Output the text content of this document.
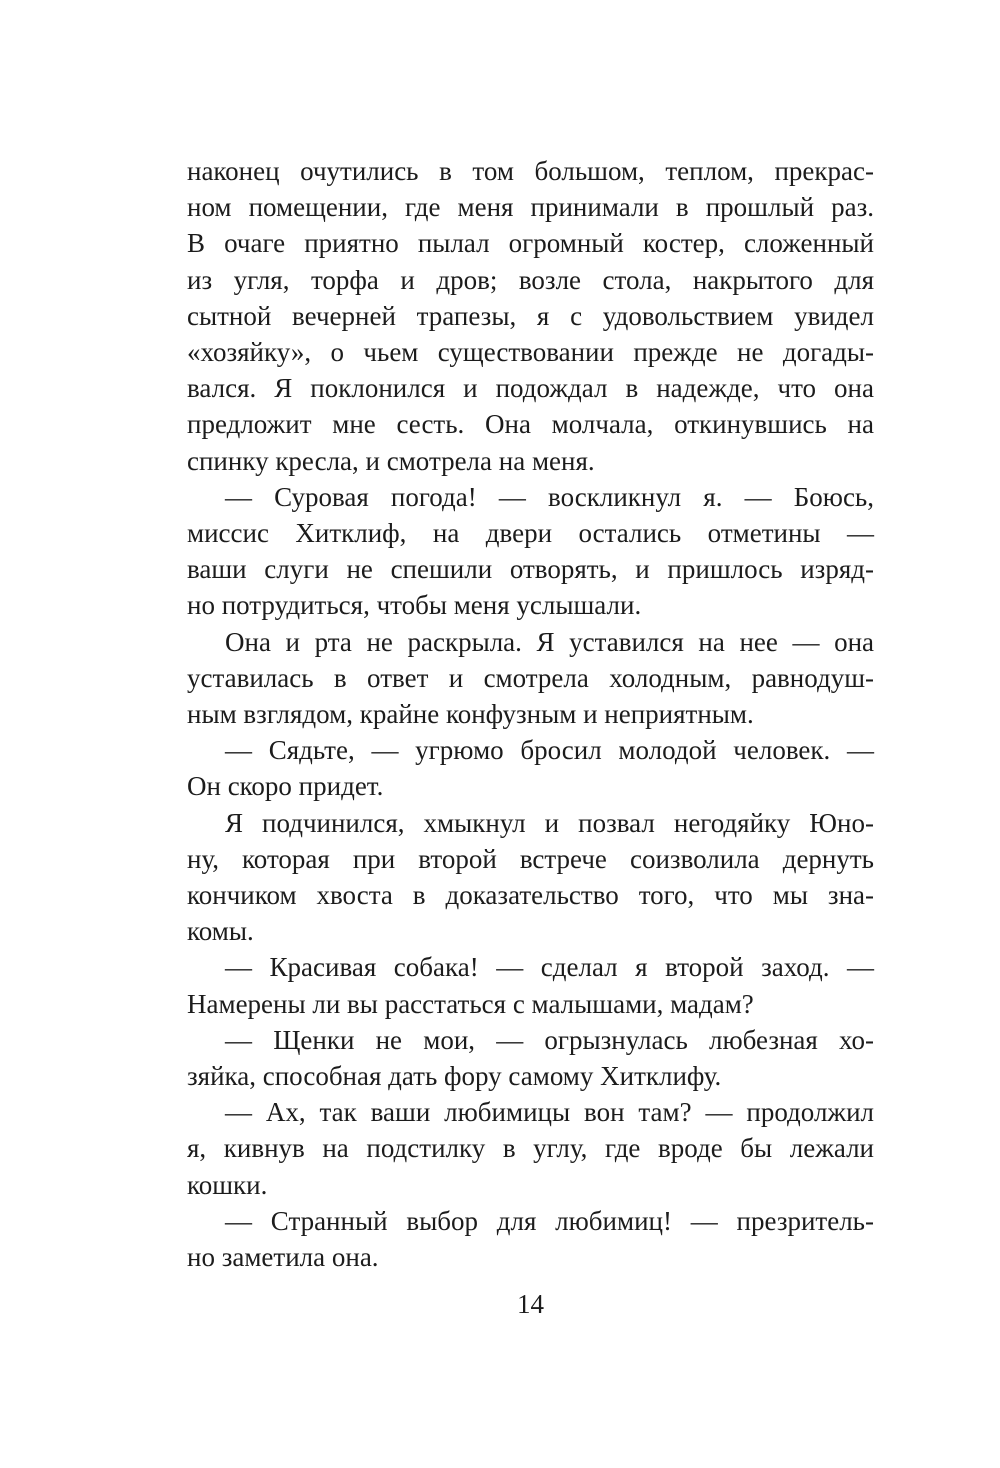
наконец очутились в том большом, теплом, прекрас-
ном помещении, где меня принимали в прошлый раз.
В очаге приятно пылал огромный костер, сложенный
из угля, торфа и дров; возле стола, накрытого для
сытной вечерней трапезы, я с удовольствием увидел
«хозяйку», о чьем существовании прежде не догады-
вался. Я поклонился и подождал в надежде, что она
предложит мне сесть. Она молчала, откинувшись на
спинку кресла, и смотрела на меня.

— Суровая погода! — воскликнул я. — Боюсь,
миссис Хитклиф, на двери остались отметины —
ваши слуги не спешили отворять, и пришлось изряд-
но потрудиться, чтобы меня услышали.

Она и рта не раскрыла. Я уставился на нее — она
уставилась в ответ и смотрела холодным, равнодуш-
ным взглядом, крайне конфузным и неприятным.

— Сядьте, — угрюмо бросил молодой человек. —
Он скоро придет.

Я подчинился, хмыкнул и позвал негодяйку Юно-
ну, которая при второй встрече соизволила дернуть
кончиком хвоста в доказательство того, что мы зна-
комы.

— Красивая собака! — сделал я второй заход. —
Намерены ли вы расстаться с малышами, мадам?

— Щенки не мои, — огрызнулась любезная хо-
зяйка, способная дать фору самому Хитклифу.

— Ах, так ваши любимицы вон там? — продолжил
я, кивнув на подстилку в углу, где вроде бы лежали
кошки.

— Странный выбор для любимиц! — презритель-
но заметила она.

14
